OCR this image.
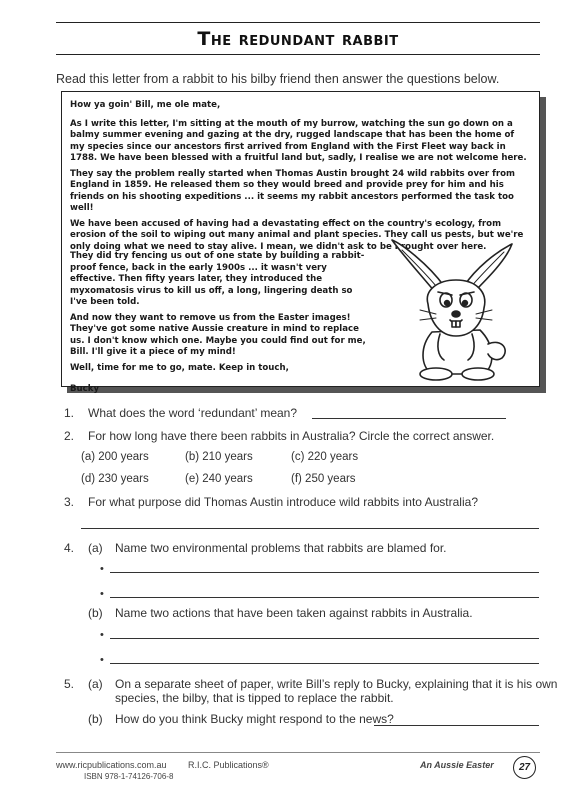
The redundant rabbit
Read this letter from a rabbit to his bilby friend then answer the questions below.

How ya goin' Bill, me ole mate,

As I write this letter, I'm sitting at the mouth of my burrow, watching the sun go down on a balmy summer evening and gazing at the dry, rugged landscape that has been the home of my species since our ancestors first arrived from England with the First Fleet way back in 1788. We have been blessed with a fruitful land but, sadly, I realise we are not welcome here.

They say the problem really started when Thomas Austin brought 24 wild rabbits over from England in 1859. He released them so they would breed and provide prey for him and his friends on his shooting expeditions ... it seems my rabbit ancestors performed the task too well!

We have been accused of having had a devastating effect on the country's ecology, from erosion of the soil to wiping out many animal and plant species. They call us pests, but we're only doing what we need to stay alive. I mean, we didn't ask to be brought over here.

They did try fencing us out of one state by building a rabbit-proof fence, back in the early 1900s ... it wasn't very effective. Then fifty years later, they introduced the myxomatosis virus to kill us off, a long, lingering death so I've been told.

And now they want to remove us from the Easter images! They've got some native Aussie creature in mind to replace us. I don't know which one. Maybe you could find out for me, Bill. I'll give it a piece of my mind!

Well, time for me to go, mate. Keep in touch,

Bucky

1. What does the word ‘redundant’ mean?
2. For how long have there been rabbits in Australia? Circle the correct answer.
(a) 200 years	(b) 210 years	(c) 220 years
(d) 230 years	(e) 240 years	(f) 250 years
3. For what purpose did Thomas Austin introduce wild rabbits into Australia?
4. (a) Name two environmental problems that rabbits are blamed for.
•
•
(b) Name two actions that have been taken against rabbits in Australia.
•
•
5. (a) On a separate sheet of paper, write Bill’s reply to Bucky, explaining that it is his own
species, the bilby, that is tipped to replace the rabbit.
(b) How do you think Bucky might respond to the news?
www.ricpublications.com.au
ISBN 978-1-74126-706-8
R.I.C. Publications®	An Aussie Easter	27
